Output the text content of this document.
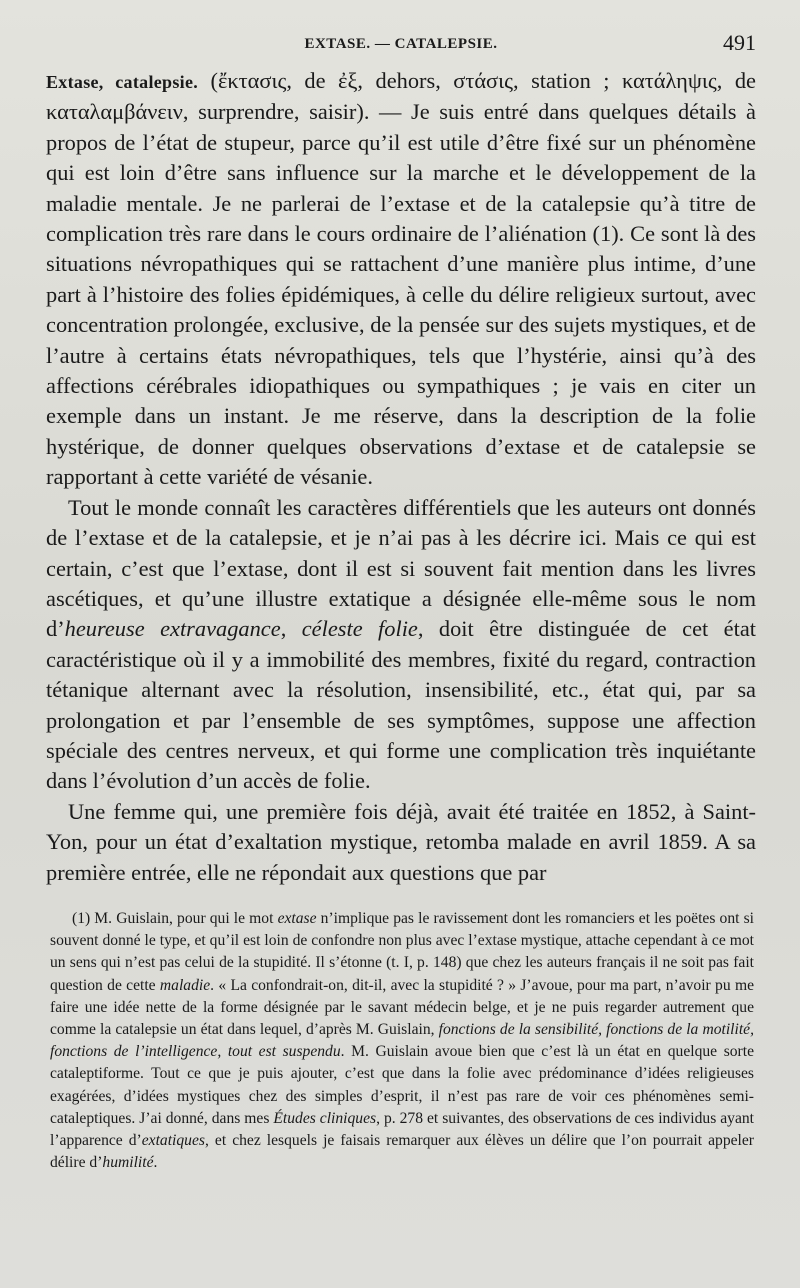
EXTASE. — CATALEPSIE.	491

Extase, catalepsie. (ἔκτασις, de ἐξ, dehors, στάσις, station ; κατάληψις, de καταλαμβάνειν, surprendre, saisir). — Je suis entré dans quelques détails à propos de l’état de stupeur, parce qu’il est utile d’être fixé sur un phénomène qui est loin d’être sans influence sur la marche et le développement de la maladie mentale. Je ne parlerai de l’extase et de la catalepsie qu’à titre de complication très rare dans le cours ordinaire de l’aliénation (1). Ce sont là des situations névropathiques qui se rattachent d’une manière plus intime, d’une part à l’histoire des folies épidémiques, à celle du délire religieux surtout, avec concentration prolongée, exclusive, de la pensée sur des sujets mystiques, et de l’autre à certains états névropathiques, tels que l’hystérie, ainsi qu’à des affections cérébrales idiopathiques ou sympathiques ; je vais en citer un exemple dans un instant. Je me réserve, dans la description de la folie hystérique, de donner quelques observations d’extase et de catalepsie se rapportant à cette variété de vésanie.

Tout le monde connaît les caractères différentiels que les auteurs ont donnés de l’extase et de la catalepsie, et je n’ai pas à les décrire ici. Mais ce qui est certain, c’est que l’extase, dont il est si souvent fait mention dans les livres ascétiques, et qu’une illustre extatique a désignée elle-même sous le nom d’heureuse extravagance, céleste folie, doit être distinguée de cet état caractéristique où il y a immobilité des membres, fixité du regard, contraction tétanique alternant avec la résolution, insensibilité, etc., état qui, par sa prolongation et par l’ensemble de ses symptômes, suppose une affection spéciale des centres nerveux, et qui forme une complication très inquiétante dans l’évolution d’un accès de folie.

Une femme qui, une première fois déjà, avait été traitée en 1852, à Saint-Yon, pour un état d’exaltation mystique, retomba malade en avril 1859. A sa première entrée, elle ne répondait aux questions que par

(1) M. Guislain, pour qui le mot extase n’implique pas le ravissement dont les romanciers et les poëtes ont si souvent donné le type, et qu’il est loin de confondre non plus avec l’extase mystique, attache cependant à ce mot un sens qui n’est pas celui de la stupidité. Il s’étonne (t. I, p. 148) que chez les auteurs français il ne soit pas fait question de cette maladie. « La confondrait-on, dit-il, avec la stupidité ? » J’avoue, pour ma part, n’avoir pu me faire une idée nette de la forme désignée par le savant médecin belge, et je ne puis regarder autrement que comme la catalepsie un état dans lequel, d’après M. Guislain, fonctions de la sensibilité, fonctions de la motilité, fonctions de l’intelligence, tout est suspendu. M. Guislain avoue bien que c’est là un état en quelque sorte cataleptiforme. Tout ce que je puis ajouter, c’est que dans la folie avec prédominance d’idées religieuses exagérées, d’idées mystiques chez des simples d’esprit, il n’est pas rare de voir ces phénomènes semi-cataleptiques. J’ai donné, dans mes Études cliniques, p. 278 et suivantes, des observations de ces individus ayant l’apparence d’extatiques, et chez lesquels je faisais remarquer aux élèves un délire que l’on pourrait appeler délire d’humilité.
